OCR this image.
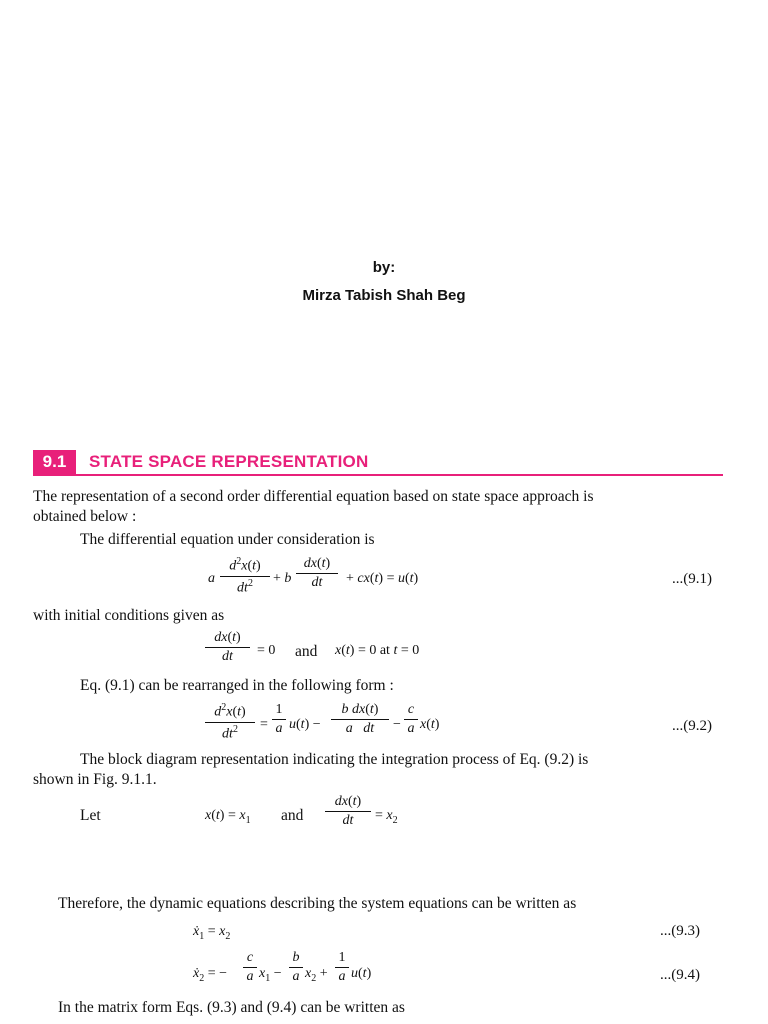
by:
Mirza Tabish Shah Beg
9.1	STATE SPACE REPRESENTATION
The representation of a second order differential equation based on state space approach is
obtained below :
The differential equation under consideration is
a
$d^2x(t)$
$dt^2$	+ b
dx(t)
dt	+ cx(t) = u(t)	...(9.1)
with initial conditions given as
dx(t)
dt	= 0 and x(t) = 0 at t = 0
Eq. (9.1) can be rearranged in the following form :
$d^2x(t)$
$dt^2$	=
1
a u(t) −
b dx(t)
a   dt	−
c
a x(t)	...(9.2)
The block diagram representation indicating the integration process of Eq. (9.2) is
shown in Fig. 9.1.1.
Let	$x(t) = x_1$ and
dx(t)
dt	= $x_2$
Therefore, the dynamic equations describing the system equations can be written as
$ẋ_1 = x_2$	...(9.3)
$ẋ_2$ = −
c
a $x_1$ −
b
a $x_2$ +
1
a u(t)	...(9.4)
In the matrix form Eqs. (9.3) and (9.4) can be written as
